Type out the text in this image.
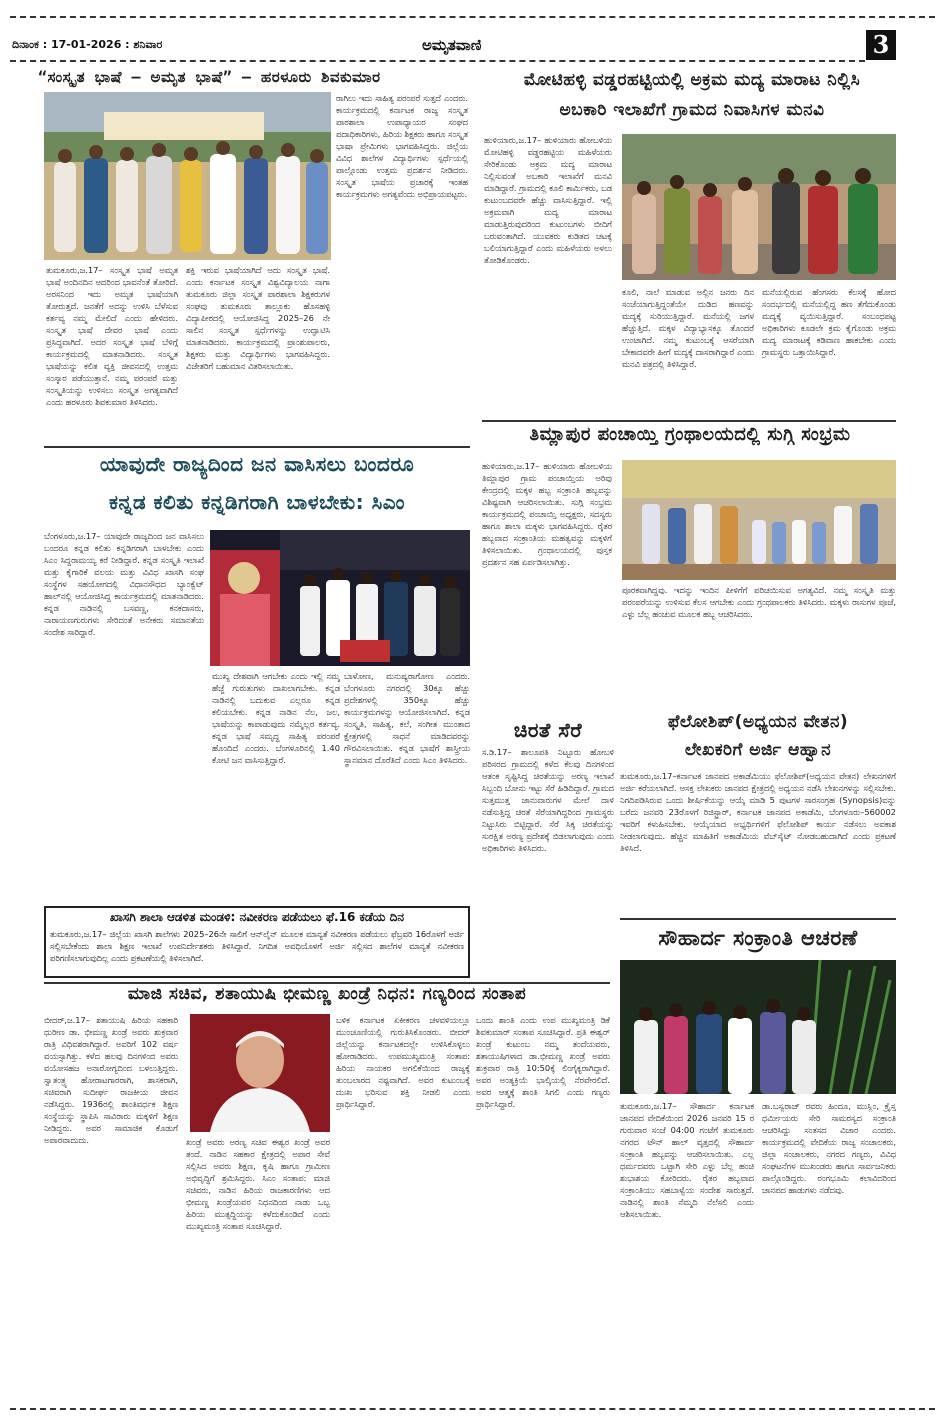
ದಿನಾಂಕ : 17-01-2026 : ಶನಿವಾರ	ಅಮೃತವಾಣಿ	3
“ಸಂಸ್ಕೃತ ಭಾಷೆ – ಅಮೃತ ಭಾಷೆ” – ಹರಳೂರು ಶಿವಕುಮಾರ
ತುಮಕೂರು,ಜ.17– ಸಂಸ್ಕೃತ ಭಾಷೆ ಅಮೃತ ಭಾಷೆ ಅಂದಿನದಿನ ಅದರಿಂದ ಭಾವನೆಂತೆ ತೋರಿದೆ. ಅರಸನಿಂದ ಇದು ಅಮೃತ ಭಾಷೆಯಾಗಿ ತೋರುತ್ತದೆ. ಜನತೆಗೆ ಅದನ್ನು ಉಳಿಸಿ ಬೆಳೆಸುವ ಕರ್ತವ್ಯ ನಮ್ಮ ಮೇಲಿದೆ ಎಂದು ಹೇಳಿದರು. ಸಂಸ್ಕೃತ ಭಾಷೆ ದೇವರ ಭಾಷೆ ಎಂದು ಪ್ರಸಿದ್ಧವಾಗಿದೆ. ಅದರ ಸಂಸ್ಕೃತ ಭಾಷೆ ಬೆಳಿಗ್ಗೆ ಕಾರ್ಯಕ್ರಮದಲ್ಲಿ ಮಾತನಾಡಿದರು. ಸಂಸ್ಕೃತ ಭಾಷೆಯನ್ನು ಕಲಿತ ವ್ಯಕ್ತಿ ಜೀವನದಲ್ಲಿ ಉತ್ತಮ ಸಂಸ್ಕಾರ ಪಡೆಯುತ್ತಾನೆ. ನಮ್ಮ ಪರಂಪರೆ ಮತ್ತು ಸಂಸ್ಕೃತಿಯನ್ನು ಉಳಿಸಲು ಸಂಸ್ಕೃತ ಅಗತ್ಯವಾಗಿದೆ ಎಂದು ಹರಳೂರು ಶಿವಕುಮಾರ ತಿಳಿಸಿದರು.
ಶಕ್ತಿ ಇರುವ ಭಾಷೆಯಾಗಿದೆ ಅದು ಸಂಸ್ಕೃತ ಭಾಷೆ. ಎಂದು ಕರ್ನಾಟಕ ಸಂಸ್ಕೃತ ವಿಶ್ವವಿದ್ಯಾಲಯ ನಾಗಾ ತುಮಕೂರು ಜಿಲ್ಲಾ ಸಂಸ್ಕೃತ ಪಾಠಶಾಲಾ ಶಿಕ್ಷಕರುಗಳ ಸಂಘವು ತುಮಕೂರು ತಾಲ್ಲೂಕು ಹೊಸಹಳ್ಳಿ ವಿದ್ಯಾಪೀಠದಲ್ಲಿ ಆಯೋಜಿಸಿದ್ದ 2025–26 ನೇ ಸಾಲಿನ ಸಂಸ್ಕೃತ ಸ್ಪರ್ಧೆಗಳನ್ನು ಉದ್ಘಾಟಿಸಿ ಮಾತನಾಡಿದರು. ಕಾರ್ಯಕ್ರಮದಲ್ಲಿ ಪ್ರಾಂಶುಪಾಲರು, ಶಿಕ್ಷಕರು ಮತ್ತು ವಿದ್ಯಾರ್ಥಿಗಳು ಭಾಗವಹಿಸಿದ್ದರು. ವಿಜೇತರಿಗೆ ಬಹುಮಾನ ವಿತರಿಸಲಾಯಿತು.
ರಾಗಿಲು ಇದು ಸಾಹಿತ್ಯ ಪರಂಪರೆ ಸುತ್ತದೆ ಎಂದರು. ಕಾರ್ಯಕ್ರಮದಲ್ಲಿ ಕರ್ನಾಟಕ ರಾಜ್ಯ ಸಂಸ್ಕೃತ ಪಾಠಶಾಲಾ ಉಪಾಧ್ಯಾಯರ ಸಂಘದ ಪದಾಧಿಕಾರಿಗಳು, ಹಿರಿಯ ಶಿಕ್ಷಕರು ಹಾಗೂ ಸಂಸ್ಕೃತ ಭಾಷಾ ಪ್ರೇಮಿಗಳು ಭಾಗವಹಿಸಿದ್ದರು. ಜಿಲ್ಲೆಯ ವಿವಿಧ ಶಾಲೆಗಳ ವಿದ್ಯಾರ್ಥಿಗಳು ಸ್ಪರ್ಧೆಯಲ್ಲಿ ಪಾಲ್ಗೊಂಡು ಉತ್ತಮ ಪ್ರದರ್ಶನ ನೀಡಿದರು. ಸಂಸ್ಕೃತ ಭಾಷೆಯ ಪ್ರಚಾರಕ್ಕೆ ಇಂತಹ ಕಾರ್ಯಕ್ರಮಗಳು ಅಗತ್ಯವೆಂದು ಅಭಿಪ್ರಾಯಪಟ್ಟರು.
ಮೋಟಿಹಳ್ಳಿ ವಡ್ಡರಹಟ್ಟಿಯಲ್ಲಿ ಅಕ್ರಮ ಮದ್ಯ ಮಾರಾಟ ನಿಲ್ಲಿಸಿ
ಅಬಕಾರಿ ಇಲಾಖೆಗೆ ಗ್ರಾಮದ ನಿವಾಸಿಗಳ ಮನವಿ
ಹುಳಿಯಾರು,ಜ.17– ಹುಳಿಯಾರು ಹೋಬಳಿಯ ಮೋಟಿಹಳ್ಳಿ ವಡ್ಡರಹಟ್ಟಿಯ ಮಹಿಳೆಯರು ಸೇರಿಕೊಂಡು ಅಕ್ರಮ ಮದ್ಯ ಮಾರಾಟ ನಿಲ್ಲಿಸುವಂತೆ ಅಬಕಾರಿ ಇಲಾಖೆಗೆ ಮನವಿ ಮಾಡಿದ್ದಾರೆ. ಗ್ರಾಮದಲ್ಲಿ ಕೂಲಿ ಕಾರ್ಮಿಕರು, ಬಡ ಕುಟುಂಬದವರೇ ಹೆಚ್ಚು ವಾಸಿಸುತ್ತಿದ್ದಾರೆ. ಇಲ್ಲಿ ಅಕ್ರಮವಾಗಿ ಮದ್ಯ ಮಾರಾಟ ಮಾಡುತ್ತಿರುವುದರಿಂದ ಕುಟುಂಬಗಳು ಬೀದಿಗೆ ಬರುವಂತಾಗಿದೆ. ಯುವಕರು ಕುಡಿತದ ಚಟಕ್ಕೆ ಬಲಿಯಾಗುತ್ತಿದ್ದಾರೆ ಎಂದು ಮಹಿಳೆಯರು ಅಳಲು ತೋಡಿಕೊಂಡರು.
ಕೂಲಿ, ನಾಲೆ ಮಾಡುವ ಅಲ್ಲಿನ ಜನರು ದಿನ ಸಂಜೆಯಾಗುತ್ತಿದ್ದಂತೆಯೇ ದುಡಿದ ಹಣವನ್ನು ಮದ್ಯಕ್ಕೆ ಸುರಿಯುತ್ತಿದ್ದಾರೆ. ಮನೆಯಲ್ಲಿ ಜಗಳ ಹೆಚ್ಚುತ್ತಿದೆ. ಮಕ್ಕಳ ವಿದ್ಯಾಭ್ಯಾಸಕ್ಕೂ ತೊಂದರೆ ಉಂಟಾಗಿದೆ. ನಮ್ಮ ಕುಟುಂಬಕ್ಕೆ ಆಸರೆಯಾಗಿ ಬೇಕಾದವರೇ ಹೀಗೆ ಮದ್ಯಕ್ಕೆ ದಾಸರಾಗಿದ್ದಾರೆ ಎಂದು ಮನವಿ ಪತ್ರದಲ್ಲಿ ತಿಳಿಸಿದ್ದಾರೆ.
ಮನೆಯಲ್ಲಿರುವ ಹೆಂಗಸರು ಕೆಲಸಕ್ಕೆ ಹೋದ ಸಂದರ್ಭದಲ್ಲಿ ಮನೆಯಲ್ಲಿದ್ದ ಹಣ ತೆಗೆದುಕೊಂಡು ಮದ್ಯಕ್ಕೆ ವ್ಯಯಿಸುತ್ತಿದ್ದಾರೆ. ಸಂಬಂಧಪಟ್ಟ ಅಧಿಕಾರಿಗಳು ಕೂಡಲೇ ಕ್ರಮ ಕೈಗೊಂಡು ಅಕ್ರಮ ಮದ್ಯ ಮಾರಾಟಕ್ಕೆ ಕಡಿವಾಣ ಹಾಕಬೇಕು ಎಂದು ಗ್ರಾಮಸ್ಥರು ಒತ್ತಾಯಿಸಿದ್ದಾರೆ.
ತಿಮ್ಲಾಪುರ ಪಂಚಾಯ್ತಿ ಗ್ರಂಥಾಲಯದಲ್ಲಿ ಸುಗ್ಗಿ ಸಂಭ್ರಮ
ಹುಳಿಯಾರು,ಜ.17– ಹುಳಿಯಾರು ಹೋಬಳಿಯ ತಿಮ್ಲಾಪುರ ಗ್ರಾಮ ಪಂಚಾಯ್ತಿಯ ಅರಿವು ಕೇಂದ್ರದಲ್ಲಿ ಮಕ್ಕಳ ಹಬ್ಬ ಸಂಕ್ರಾಂತಿ ಹಬ್ಬವನ್ನು ವಿಶಿಷ್ಟವಾಗಿ ಆಚರಿಸಲಾಯಿತು. ಸುಗ್ಗಿ ಸಂಭ್ರಮ ಕಾರ್ಯಕ್ರಮದಲ್ಲಿ ಪಂಚಾಯ್ತಿ ಅಧ್ಯಕ್ಷರು, ಸದಸ್ಯರು ಹಾಗೂ ಶಾಲಾ ಮಕ್ಕಳು ಭಾಗವಹಿಸಿದ್ದರು. ರೈತರ ಹಬ್ಬವಾದ ಸಂಕ್ರಾಂತಿಯ ಮಹತ್ವವನ್ನು ಮಕ್ಕಳಿಗೆ ತಿಳಿಸಲಾಯಿತು. ಗ್ರಂಥಾಲಯದಲ್ಲಿ ಪುಸ್ತಕ ಪ್ರದರ್ಶನ ಸಹ ಏರ್ಪಡಿಸಲಾಗಿತ್ತು.
ಪೂರಕವಾಗಿದ್ದವು. ಇದನ್ನು ಇಂದಿನ ಪೀಳಿಗೆಗೆ ಪರಿಚಯಿಸುವ ಅಗತ್ಯವಿದೆ. ನಮ್ಮ ಸಂಸ್ಕೃತಿ ಮತ್ತು ಪರಂಪರೆಯನ್ನು ಉಳಿಸುವ ಕೆಲಸ ಆಗಬೇಕು ಎಂದು ಗ್ರಂಥಪಾಲಕರು ತಿಳಿಸಿದರು. ಮಕ್ಕಳು ರಾಸುಗಳ ಪೂಜೆ, ಎಳ್ಳು ಬೆಲ್ಲ ಹಂಚುವ ಮೂಲಕ ಹಬ್ಬ ಆಚರಿಸಿದರು.
ಯಾವುದೇ ರಾಜ್ಯದಿಂದ ಜನ ವಾಸಿಸಲು ಬಂದರೂ
ಕನ್ನಡ ಕಲಿತು ಕನ್ನಡಿಗರಾಗಿ ಬಾಳಬೇಕು: ಸಿಎಂ
ಬೆಂಗಳೂರು,ಜ.17– ಯಾವುದೇ ರಾಜ್ಯದಿಂದ ಜನ ವಾಸಿಸಲು ಬಂದರೂ ಕನ್ನಡ ಕಲಿತು ಕನ್ನಡಿಗರಾಗಿ ಬಾಳಬೇಕು ಎಂದು ಸಿಎಂ ಸಿದ್ದರಾಮಯ್ಯ ಕರೆ ನೀಡಿದ್ದಾರೆ. ಕನ್ನಡ ಸಂಸ್ಕೃತಿ ಇಲಾಖೆ ಮತ್ತು ಕೈಗಾರಿಕೆ ವಲಯ ಮತ್ತು ವಿವಿಧ ಖಾಸಗಿ ಸಂಘ ಸಂಸ್ಥೆಗಳ ಸಹಯೋಗದಲ್ಲಿ ವಿಧಾನಸೌಧದ ಬ್ಯಾಂಕ್ವೆಟ್ ಹಾಲ್‌ನಲ್ಲಿ ಆಯೋಜಿಸಿದ್ದ ಕಾರ್ಯಕ್ರಮದಲ್ಲಿ ಮಾತನಾಡಿದರು. ಕನ್ನಡ ನಾಡಿನಲ್ಲಿ ಬಸವಣ್ಣ, ಕನಕದಾಸರು, ನಾರಾಯಣಗುರುಗಳು ಸೇರಿದಂತೆ ಅನೇಕರು ಸಮಾನತೆಯ ಸಂದೇಶ ಸಾರಿದ್ದಾರೆ.
ಮುಖ್ಯ ದೇಶವಾಗಿ ಆಗಬೇಕು ಎಂದು ಇಲ್ಲಿ ನಮ್ಮ ಹೆಜ್ಜೆ ಗುರುತುಗಳು ದಾಖಲಾಗಬೇಕು. ಕನ್ನಡ ನಾಡಿನಲ್ಲಿ ಬದುಕುವ ಎಲ್ಲರೂ ಕನ್ನಡ ಕಲಿಯಬೇಕು. ಕನ್ನಡ ನಾಡಿನ ನೆಲ, ಜಲ, ಭಾಷೆಯನ್ನು ಕಾಪಾಡುವುದು ನಮ್ಮೆಲ್ಲರ ಕರ್ತವ್ಯ. ಕನ್ನಡ ಭಾಷೆ ಸಮೃದ್ಧ ಸಾಹಿತ್ಯ ಪರಂಪರೆ ಹೊಂದಿದೆ ಎಂದರು. ಬೆಂಗಳೂರಿನಲ್ಲಿ 1.40 ಕೋಟಿ ಜನ ವಾಸಿಸುತ್ತಿದ್ದಾರೆ.
ಬಾಳೋಣ, ಮನುಷ್ಯರಾಗೋಣ ಎಂದರು. ಬೆಂಗಳೂರು ನಗರದಲ್ಲಿ 30ಕ್ಕೂ ಹೆಚ್ಚು ಪ್ರದೇಶಗಳಲ್ಲಿ 350ಕ್ಕೂ ಹೆಚ್ಚು ಕಾರ್ಯಕ್ರಮಗಳನ್ನು ಆಯೋಜಿಸಲಾಗಿದೆ. ಕನ್ನಡ ಸಂಸ್ಕೃತಿ, ಸಾಹಿತ್ಯ, ಕಲೆ, ಸಂಗೀತ ಮುಂತಾದ ಕ್ಷೇತ್ರಗಳಲ್ಲಿ ಸಾಧನೆ ಮಾಡಿದವರನ್ನು ಗೌರವಿಸಲಾಯಿತು. ಕನ್ನಡ ಭಾಷೆಗೆ ಶಾಸ್ತ್ರೀಯ ಸ್ಥಾನಮಾನ ದೊರೆತಿದೆ ಎಂದು ಸಿಎಂ ತಿಳಿಸಿದರು.
ಖಾಸಗಿ ಶಾಲಾ ಆಡಳಿತ ಮಂಡಳಿ: ನವೀಕರಣ ಪಡೆಯಲು ಫೆ.16 ಕಡೆಯ ದಿನ
ತುಮಕೂರು,ಜ.17– ಜಿಲ್ಲೆಯ ಖಾಸಗಿ ಶಾಲೆಗಳು 2025–26ನೇ ಸಾಲಿಗೆ ಆನ್‌ಲೈನ್ ಮೂಲಕ ಮಾನ್ಯತೆ ನವೀಕರಣ ಪಡೆಯಲು ಫೆಬ್ರವರಿ 16ರೊಳಗೆ ಅರ್ಜಿ ಸಲ್ಲಿಸಬೇಕೆಂದು ಶಾಲಾ ಶಿಕ್ಷಣ ಇಲಾಖೆ ಉಪನಿರ್ದೇಶಕರು ತಿಳಿಸಿದ್ದಾರೆ. ನಿಗದಿತ ಅವಧಿಯೊಳಗೆ ಅರ್ಜಿ ಸಲ್ಲಿಸದ ಶಾಲೆಗಳ ಮಾನ್ಯತೆ ನವೀಕರಣ ಪರಿಗಣಿಸಲಾಗುವುದಿಲ್ಲ ಎಂದು ಪ್ರಕಟಣೆಯಲ್ಲಿ ತಿಳಿಸಲಾಗಿದೆ.
ಚಿರತೆ ಸೆರೆ
ಸ.ಡಿ.17– ಶಾಲೂಪತಿ ನಿಟ್ಟೂರು ಹೋಬಳಿ ಪರಿಸರದ ಗ್ರಾಮದಲ್ಲಿ ಕಳೆದ ಕೆಲವು ದಿನಗಳಿಂದ ಆತಂಕ ಸೃಷ್ಟಿಸಿದ್ದ ಚಿರತೆಯನ್ನು ಅರಣ್ಯ ಇಲಾಖೆ ಸಿಬ್ಬಂದಿ ಬೋನು ಇಟ್ಟು ಸೆರೆ ಹಿಡಿದಿದ್ದಾರೆ. ಗ್ರಾಮದ ಸುತ್ತಮುತ್ತ ಜಾನುವಾರುಗಳ ಮೇಲೆ ದಾಳಿ ನಡೆಸುತ್ತಿದ್ದ ಚಿರತೆ ಸೆರೆಯಾಗಿದ್ದರಿಂದ ಗ್ರಾಮಸ್ಥರು ನಿಟ್ಟುಸಿರು ಬಿಟ್ಟಿದ್ದಾರೆ. ಸೆರೆ ಸಿಕ್ಕ ಚಿರತೆಯನ್ನು ಸುರಕ್ಷಿತ ಅರಣ್ಯ ಪ್ರದೇಶಕ್ಕೆ ಬಿಡಲಾಗುವುದು ಎಂದು ಅಧಿಕಾರಿಗಳು ತಿಳಿಸಿದರು.
ಫೆಲೋಶಿಪ್(ಅಧ್ಯಯನ ವೇತನ)
ಲೇಖಕರಿಗೆ ಅರ್ಜಿ ಆಹ್ವಾನ
ತುಮಕೂರು,ಜ.17–ಕರ್ನಾಟಕ ಜಾನಪದ ಅಕಾಡೆಮಿಯು ಫೆಲೋಶಿಪ್(ಅಧ್ಯಯನ ವೇತನ) ಲೇಖನಗಳಿಗೆ ಅರ್ಜಿ ಕರೆಯಲಾಗಿದೆ. ಆಸಕ್ತ ಲೇಖಕರು ಜಾನಪದ ಕ್ಷೇತ್ರದಲ್ಲಿ ಅಧ್ಯಯನ ನಡೆಸಿ ಲೇಖನಗಳನ್ನು ಸಲ್ಲಿಸಬೇಕು. ನಿಗದಿಪಡಿಸಿರುವ ಒಂದು ಶೀರ್ಷಿಕೆಯನ್ನು ಆಯ್ಕೆ ಮಾಡಿ 5 ಪುಟಗಳ ಸಾರಸಂಗ್ರಹ (Synopsis)ವನ್ನು ಬರೆದು ಜನವರಿ 23ರೊಳಗೆ ರಿಜಿಸ್ಟ್ರಾರ್, ಕರ್ನಾಟಕ ಜಾನಪದ ಅಕಾಡೆಮಿ, ಬೆಂಗಳೂರು–560002 ಇವರಿಗೆ ಕಳುಹಿಸಬೇಕು. ಆಯ್ಕೆಯಾದ ಅಭ್ಯರ್ಥಿಗಳಿಗೆ ಫೆಲೋಶಿಪ್ ಕಾರ್ಯ ನಡೆಸಲು ಅವಕಾಶ ನೀಡಲಾಗುವುದು. ಹೆಚ್ಚಿನ ಮಾಹಿತಿಗೆ ಅಕಾಡೆಮಿಯ ವೆಬ್‌ಸೈಟ್ ನೋಡಬಹುದಾಗಿದೆ ಎಂದು ಪ್ರಕಟಣೆ ತಿಳಿಸಿದೆ.
ಸೌಹಾರ್ದ ಸಂಕ್ರಾಂತಿ ಆಚರಣೆ
ತುಮಕೂರು,ಜ.17– ಸೌಹಾರ್ದ ಕರ್ನಾಟಕ ಜಾನಪದ ವೇದಿಕೆಯಿಂದ 2026 ಜನವರಿ 15 ರ ಗುರುವಾರ ಸಂಜೆ 04:00 ಗಂಟೆಗೆ ತುಮಕೂರು ನಗರದ ಟೌನ್ ಹಾಲ್ ವೃತ್ತದಲ್ಲಿ ಸೌಹಾರ್ದ ಸಂಕ್ರಾಂತಿ ಹಬ್ಬವನ್ನು ಆಚರಿಸಲಾಯಿತು. ಎಲ್ಲ ಧರ್ಮದವರು ಒಟ್ಟಾಗಿ ಸೇರಿ ಎಳ್ಳು ಬೆಲ್ಲ ಹಂಚಿ ಶುಭಾಶಯ ಕೋರಿದರು. ರೈತರ ಹಬ್ಬವಾದ ಸಂಕ್ರಾಂತಿಯು ಸಹಬಾಳ್ವೆಯ ಸಂದೇಶ ಸಾರುತ್ತದೆ. ನಾಡಿನಲ್ಲಿ ಶಾಂತಿ ನೆಮ್ಮದಿ ನೆಲೆಸಲಿ ಎಂದು ಆಶಿಸಲಾಯಿತು.
ಡಾ.ಬಸ್ವರಾಜ್ ರವರು ಹಿಂದೂ, ಮುಸ್ಲಿಂ, ಕ್ರೈಸ್ತ ಧರ್ಮೀಯರು ಸೇರಿ ಸಾಮರಸ್ಯದ ಸಂಕ್ರಾಂತಿ ಆಚರಿಸಿದ್ದು ಸಂತಸದ ವಿಚಾರ ಎಂದರು. ಕಾರ್ಯಕ್ರಮದಲ್ಲಿ ವೇದಿಕೆಯ ರಾಜ್ಯ ಸಂಚಾಲಕರು, ಜಿಲ್ಲಾ ಸಂಚಾಲಕರು, ನಗರದ ಗಣ್ಯರು, ವಿವಿಧ ಸಂಘಟನೆಗಳ ಮುಖಂಡರು ಹಾಗೂ ಸಾರ್ವಜನಿಕರು ಪಾಲ್ಗೊಂಡಿದ್ದರು. ರಂಗಭೂಮಿ ಕಲಾವಿದರಿಂದ ಜಾನಪದ ಹಾಡುಗಳು ನಡೆದವು.
ಮಾಜಿ ಸಚಿವ, ಶತಾಯುಷಿ ಭೀಮಣ್ಣ ಖಂಡ್ರೆ ನಿಧನ: ಗಣ್ಯರಿಂದ ಸಂತಾಪ
ಬೀದರ್,ಜ.17– ಶತಾಯುಷಿ ಹಿರಿಯ ಸಹಕಾರಿ ಧುರೀಣ ಡಾ. ಭೀಮಣ್ಣ ಖಂಡ್ರೆ ಅವರು ಶುಕ್ರವಾರ ರಾತ್ರಿ ವಿಧಿವಶರಾಗಿದ್ದಾರೆ. ಅವರಿಗೆ 102 ವರ್ಷ ವಯಸ್ಸಾಗಿತ್ತು. ಕಳೆದ ಹಲವು ದಿನಗಳಿಂದ ಅವರು ವಯೋಸಹಜ ಅನಾರೋಗ್ಯದಿಂದ ಬಳಲುತ್ತಿದ್ದರು. ಸ್ವಾತಂತ್ರ್ಯ ಹೋರಾಟಗಾರರಾಗಿ, ಶಾಸಕರಾಗಿ, ಸಚಿವರಾಗಿ ಸುದೀರ್ಘ ರಾಜಕೀಯ ಜೀವನ ನಡೆಸಿದ್ದರು. 1936ರಲ್ಲಿ ಶಾಂತಿವರ್ಧಕ ಶಿಕ್ಷಣ ಸಂಸ್ಥೆಯನ್ನು ಸ್ಥಾಪಿಸಿ ಸಾವಿರಾರು ಮಕ್ಕಳಿಗೆ ಶಿಕ್ಷಣ ನೀಡಿದ್ದರು. ಅವರ ಸಾಮಾಜಿಕ ಕೊಡುಗೆ ಅಪಾರವಾದುದು.	ಖಂಡ್ರೆ ಅವರು ಅರಣ್ಯ ಸಚಿವ ಈಶ್ವರ ಖಂಡ್ರೆ ಅವರ ತಂದೆ. ನಾಡಿನ ಸಹಕಾರ ಕ್ಷೇತ್ರದಲ್ಲಿ ಅಪಾರ ಸೇವೆ ಸಲ್ಲಿಸಿದ ಅವರು ಶಿಕ್ಷಣ, ಕೃಷಿ ಹಾಗೂ ಗ್ರಾಮೀಣ ಅಭಿವೃದ್ಧಿಗೆ ಶ್ರಮಿಸಿದ್ದರು. ಸಿಎಂ ಸಂತಾಪ: ಮಾಜಿ ಸಚಿವರು, ನಾಡಿನ ಹಿರಿಯ ರಾಜಕಾರಣಿಗಳು ಆದ ಭೀಮಣ್ಣ ಖಂಡ್ರೆಯವರ ನಿಧನದಿಂದ ನಾಡು ಒಬ್ಬ ಹಿರಿಯ ಮುತ್ಸದ್ದಿಯನ್ನು ಕಳೆದುಕೊಂಡಿದೆ ಎಂದು ಮುಖ್ಯಮಂತ್ರಿ ಸಂತಾಪ ಸೂಚಿಸಿದ್ದಾರೆ.
ಬಳಿಕ ಕರ್ನಾಟಕ ಏಕೀಕರಣ ಚಳವಳಿಯಲ್ಲೂ ಮುಂಚೂಣಿಯಲ್ಲಿ ಗುರುತಿಸಿಕೊಂಡರು. ಬೀದರ್ ಜಿಲ್ಲೆಯನ್ನು ಕರ್ನಾಟಕದಲ್ಲೇ ಉಳಿಸಿಕೊಳ್ಳಲು ಹೋರಾಡಿದರು. ಉಪಮುಖ್ಯಮಂತ್ರಿ ಸಂತಾಪ: ಹಿರಿಯ ನಾಯಕರ ಅಗಲಿಕೆಯಿಂದ ರಾಜ್ಯಕ್ಕೆ ತುಂಬಲಾರದ ನಷ್ಟವಾಗಿದೆ. ಅವರ ಕುಟುಂಬಕ್ಕೆ ದುಃಖ ಭರಿಸುವ ಶಕ್ತಿ ನೀಡಲಿ ಎಂದು ಪ್ರಾರ್ಥಿಸಿದ್ದಾರೆ.
ಒಂದು ಶಾಂತಿ ಎಂದು ಉಪ ಮುಖ್ಯಮಂತ್ರಿ ಡಿಕೆ ಶಿವಕುಮಾರ್ ಸಂತಾಪ ಸೂಚಿಸಿದ್ದಾರೆ. ಪ್ರತಿ ಈಶ್ವರ್ ಖಂಡ್ರೆ ಕುಟುಂಬ ನಮ್ಮ ತಂದೆಯವರು, ಶತಾಯುಷಿಗಳಾದ ಡಾ.ಭೀಮಣ್ಣ ಖಂಡ್ರೆ ಅವರು ಶುಕ್ರವಾರ ರಾತ್ರಿ 10:50ಕ್ಕೆ ಲಿಂಗೈಕ್ಯರಾಗಿದ್ದಾರೆ. ಅವರ ಅಂತ್ಯಕ್ರಿಯೆ ಭಾಲ್ಕಿಯಲ್ಲಿ ನೆರವೇರಲಿದೆ. ಅವರ ಆತ್ಮಕ್ಕೆ ಶಾಂತಿ ಸಿಗಲಿ ಎಂದು ಗಣ್ಯರು ಪ್ರಾರ್ಥಿಸಿದ್ದಾರೆ.
